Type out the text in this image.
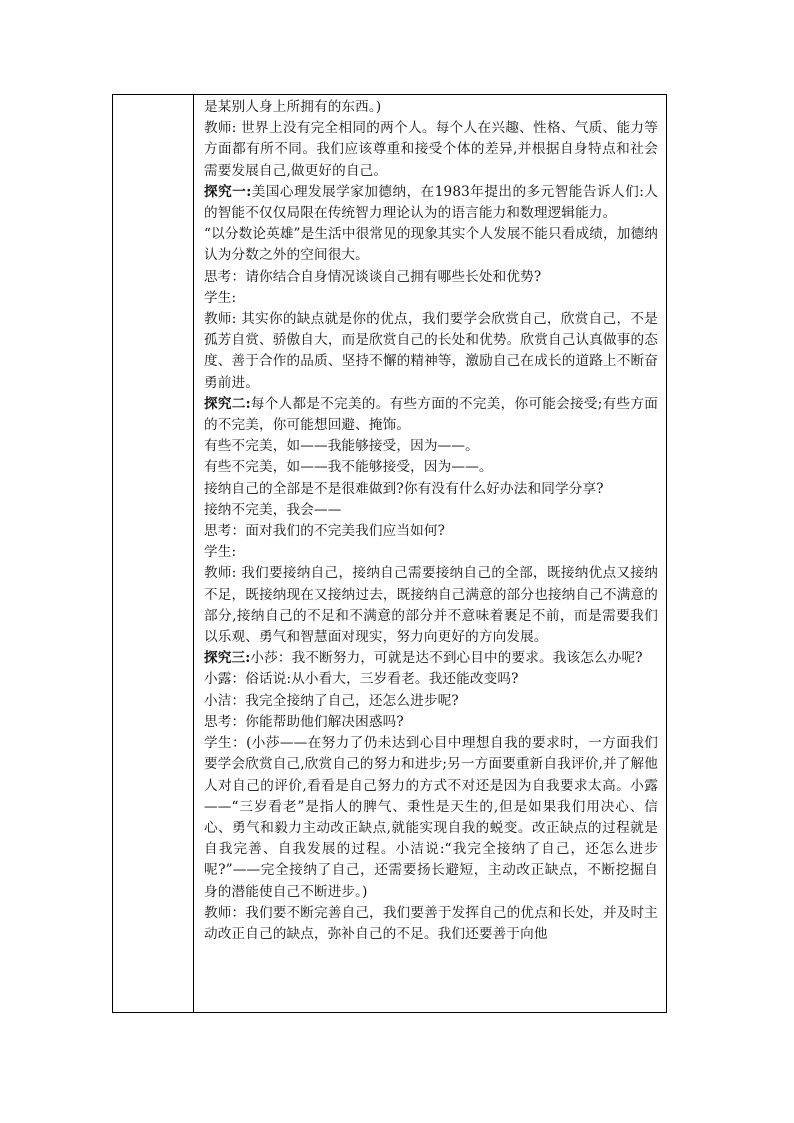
是某别人身上所拥有的东西。)

教师: 世界上没有完全相同的两个人。每个人在兴趣、性格、气质、能力等方面都有所不同。我们应该尊重和接受个体的差异,并根据自身特点和社会需要发展自己,做更好的自己。

探究一:美国心理发展学家加德纳，在1983年提出的多元智能告诉人们:人的智能不仅仅局限在传统智力理论认为的语言能力和数理逻辑能力。

“以分数论英雄”是生活中很常见的现象其实个人发展不能只看成绩，加德纳认为分数之外的空间很大。

思考：请你结合自身情况谈谈自己拥有哪些长处和优势?

学生:

教师: 其实你的缺点就是你的优点，我们要学会欣赏自己，欣赏自己，不是孤芳自赏、骄傲自大，而是欣赏自己的长处和优势。欣赏自己认真做事的态度、善于合作的品质、坚持不懈的精神等，激励自己在成长的道路上不断奋勇前进。

探究二:每个人都是不完美的。有些方面的不完美，你可能会接受;有些方面的不完美，你可能想回避、掩饰。

有些不完美，如——我能够接受，因为——。

有些不完美，如——我不能够接受，因为——。

接纳自己的全部是不是很难做到?你有没有什么好办法和同学分享?

接纳不完美，我会——

思考：面对我们的不完美我们应当如何?

学生:

教师: 我们要接纳自己，接纳自己需要接纳自己的全部，既接纳优点又接纳不足，既接纳现在又接纳过去，既接纳自己满意的部分也接纳自己不满意的部分,接纳自己的不足和不满意的部分并不意味着裹足不前，而是需要我们以乐观、勇气和智慧面对现实，努力向更好的方向发展。

探究三:小莎：我不断努力，可就是达不到心目中的要求。我该怎么办呢?

小露：俗话说:从小看大，三岁看老。我还能改变吗?

小洁：我完全接纳了自己，还怎么进步呢?

思考：你能帮助他们解决困惑吗?

学生：(小莎——在努力了仍未达到心目中理想自我的要求时，一方面我们要学会欣赏自己,欣赏自己的努力和进步;另一方面要重新自我评价,并了解他人对自己的评价,看看是自己努力的方式不对还是因为自我要求太高。小露——“三岁看老”是指人的脾气、秉性是天生的,但是如果我们用决心、信心、勇气和毅力主动改正缺点,就能实现自我的蜕变。改正缺点的过程就是自我完善、自我发展的过程。小洁说:“我完全接纳了自己，还怎么进步呢?”——完全接纳了自己，还需要扬长避短，主动改正缺点，不断挖掘自身的潜能使自己不断进步。)

教师：我们要不断完善自己，我们要善于发挥自己的优点和长处，并及时主动改正自己的缺点，弥补自己的不足。我们还要善于向他
